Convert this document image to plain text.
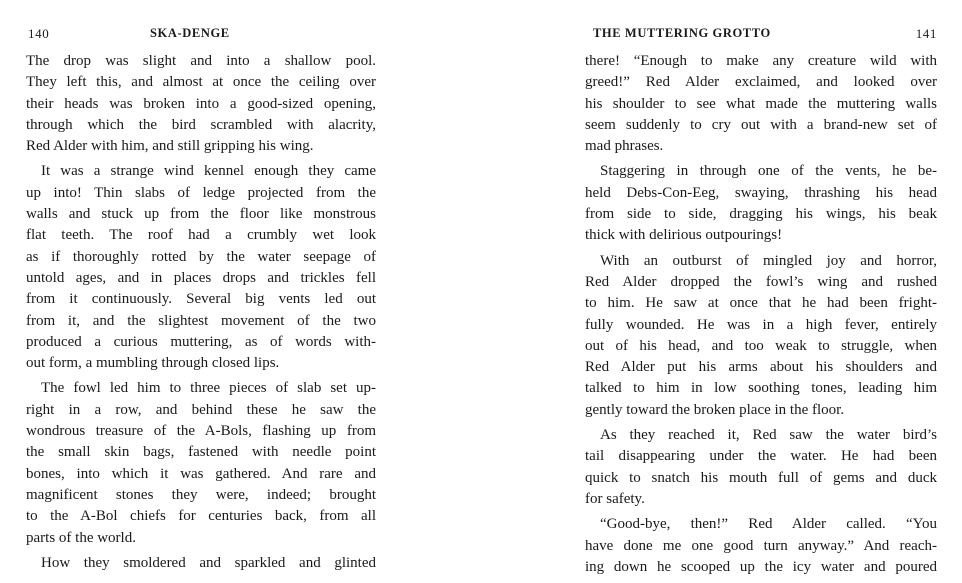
140	SKA-DENGE
The drop was slight and into a shallow pool.
They left this, and almost at once the ceiling over
their heads was broken into a good-sized opening,
through which the bird scrambled with alacrity,
Red Alder with him, and still gripping his wing.
It was a strange wind kennel enough they came
up into! Thin slabs of ledge projected from the
walls and stuck up from the floor like monstrous
flat teeth. The roof had a crumbly wet look
as if thoroughly rotted by the water seepage of
untold ages, and in places drops and trickles fell
from it continuously. Several big vents led out
from it, and the slightest movement of the two
produced a curious muttering, as of words with-
out form, a mumbling through closed lips.
The fowl led him to three pieces of slab set up-
right in a row, and behind these he saw the
wondrous treasure of the A-Bols, flashing up from
the small skin bags, fastened with needle point
bones, into which it was gathered. And rare and
magnificent stones they were, indeed; brought
to the A-Bol chiefs for centuries back, from all
parts of the world.
How they smoldered and sparkled and glinted
THE MUTTERING GROTTO	141
there! “Enough to make any creature wild with
greed!” Red Alder exclaimed, and looked over
his shoulder to see what made the muttering walls
seem suddenly to cry out with a brand-new set of
mad phrases.
Staggering in through one of the vents, he be-
held Debs-Con-Eeg, swaying, thrashing his head
from side to side, dragging his wings, his beak
thick with delirious outpourings!
With an outburst of mingled joy and horror,
Red Alder dropped the fowl’s wing and rushed
to him. He saw at once that he had been fright-
fully wounded. He was in a high fever, entirely
out of his head, and too weak to struggle, when
Red Alder put his arms about his shoulders and
talked to him in low soothing tones, leading him
gently toward the broken place in the floor.
As they reached it, Red saw the water bird’s
tail disappearing under the water. He had been
quick to snatch his mouth full of gems and duck
for safety.
“Good-bye, then!” Red Alder called. “You
have done me one good turn anyway.” And reach-
ing down he scooped up the icy water and poured
